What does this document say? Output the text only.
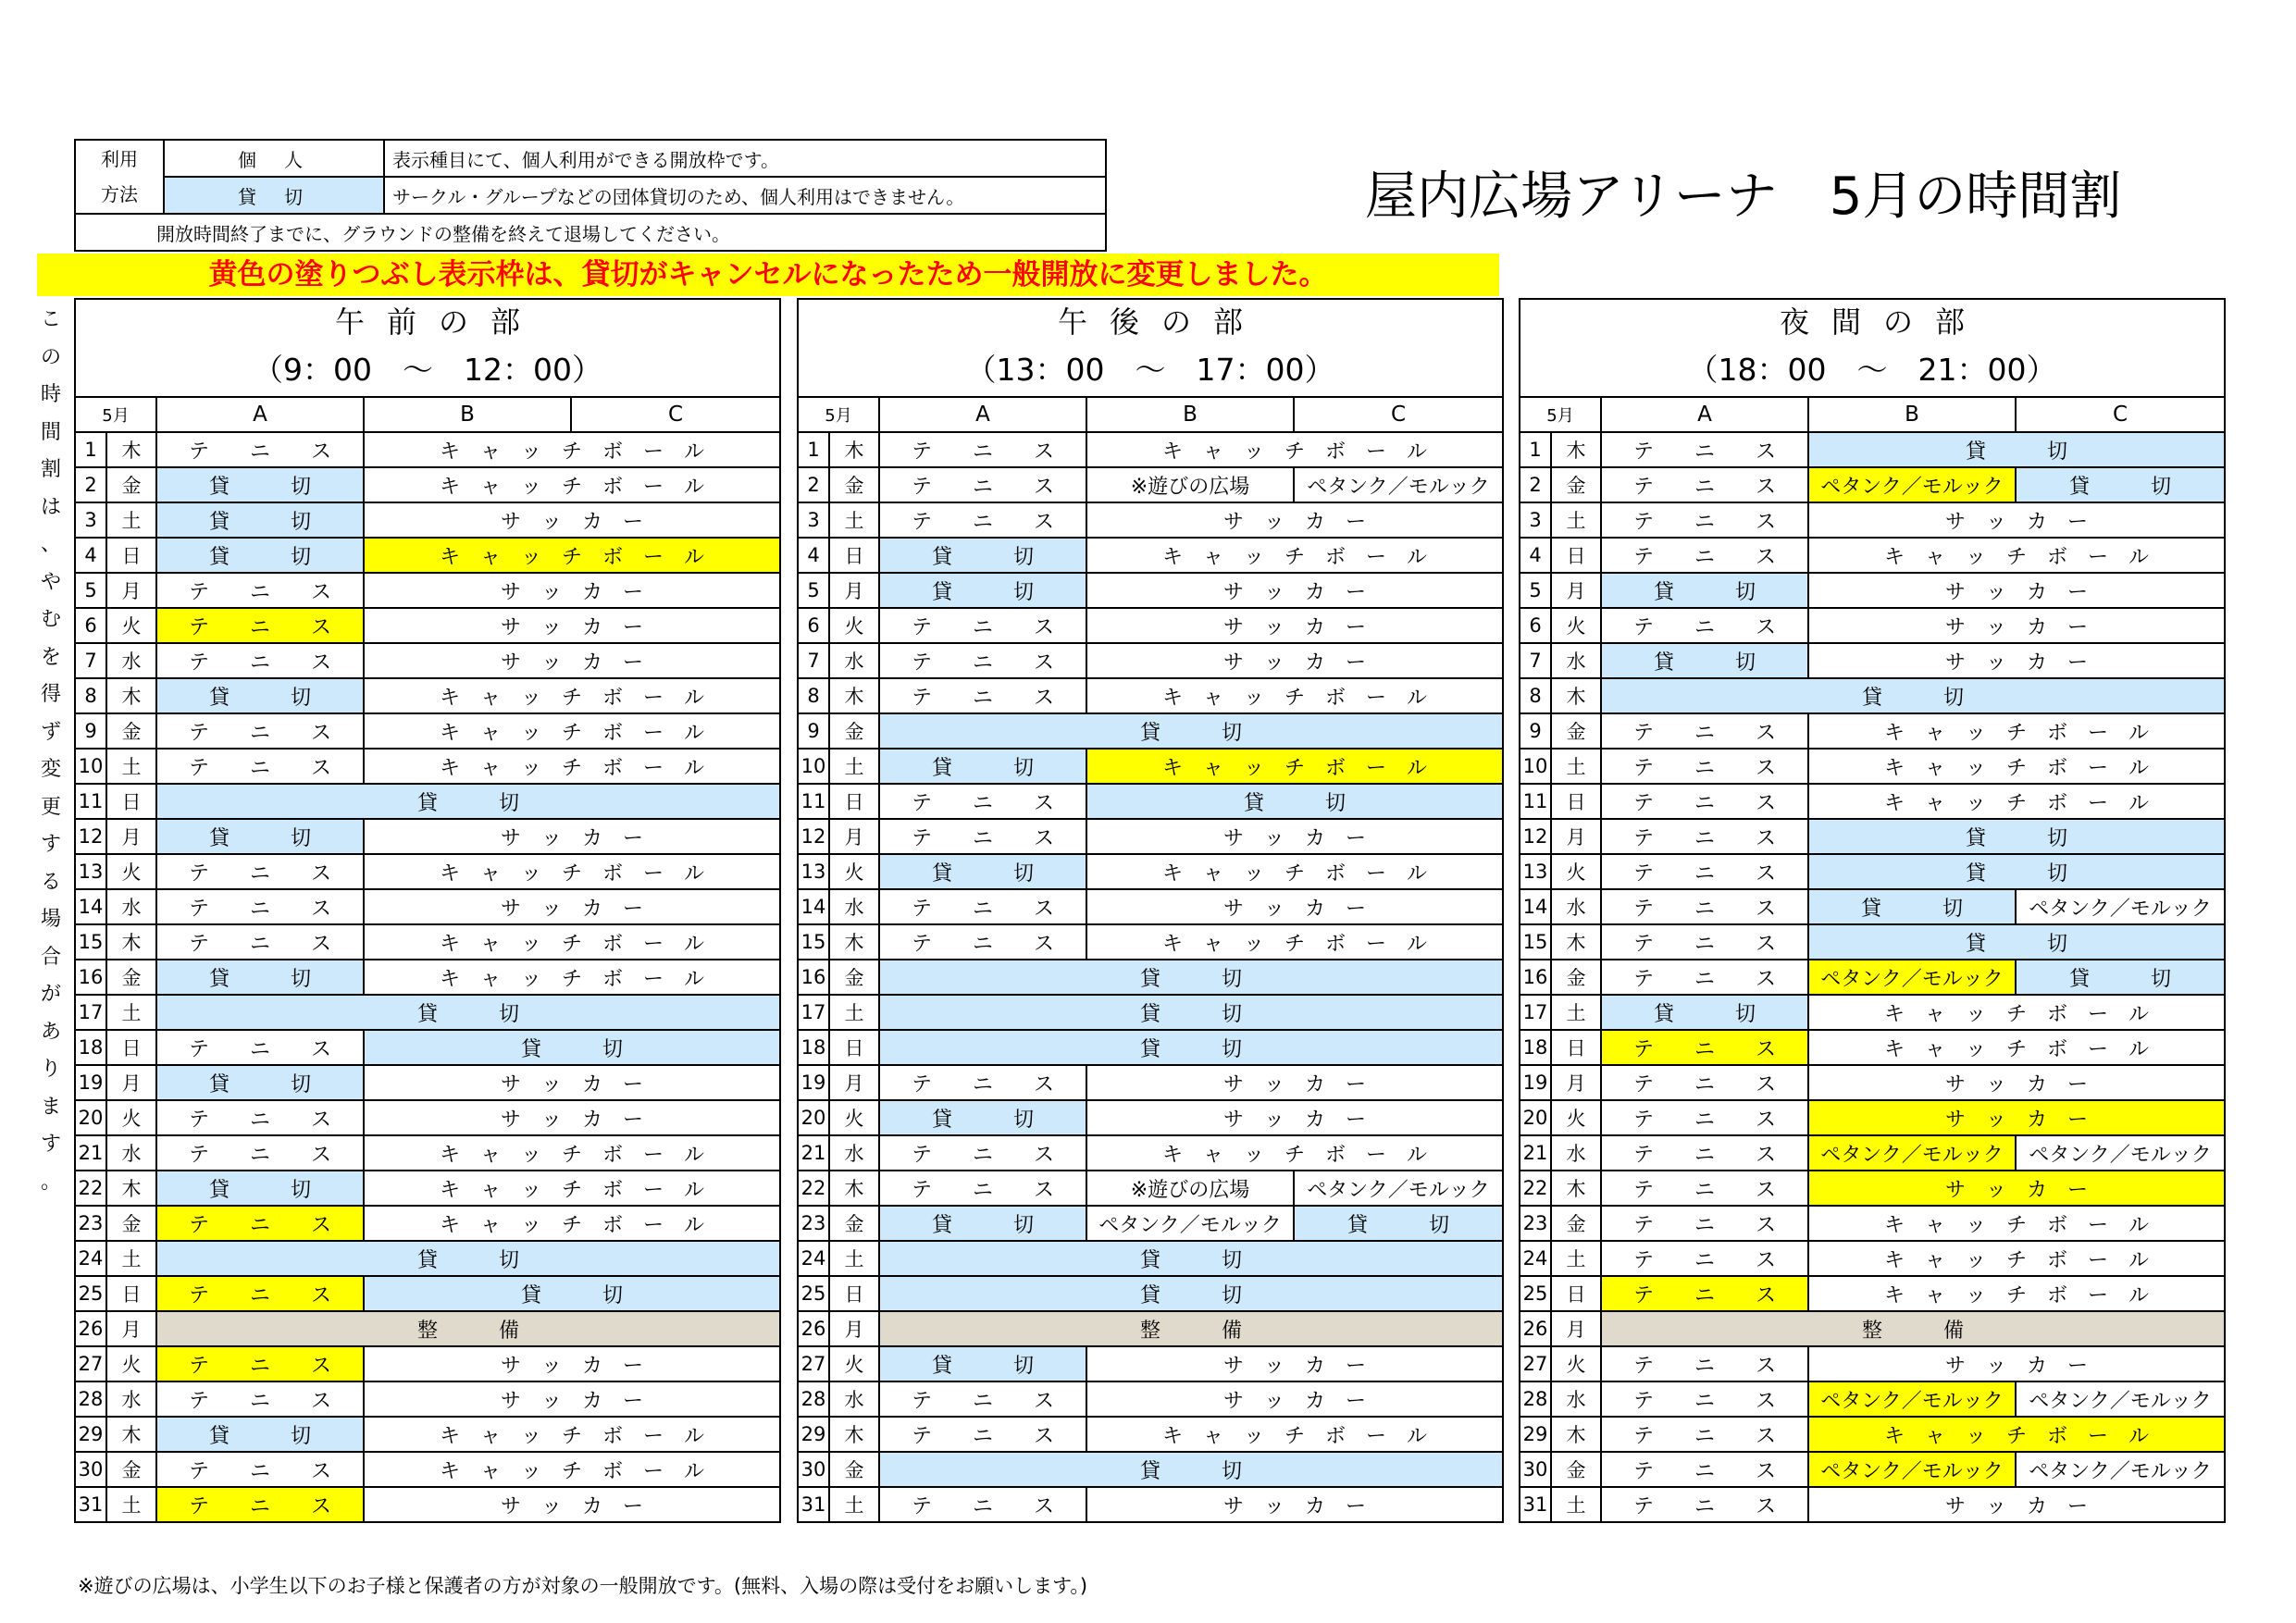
利用
方法	個人	表示種目にて、個人利用ができる開放枠です。
	貸切	サークル・グループなどの団体貸切のため、個人利用はできません。
開放時間終了までに、グラウンドの整備を終えて退場してください。		
屋内広場アリーナ　5月の時間割
黄色の塗りつぶし表示枠は、貸切がキャンセルになったため一般開放に変更しました。
こ
の
時
間
割
は
、
や
む
を
得
ず
変
更
す
る
場
合
が
あ
り
ま
す
。
午前の部
（9：00　～　12：00）				

5月		A	B	C
1	木	テ　　ニ　　ス	キ　ャ　ッ　チ　ボ　ー　ル	
2	金	貸　　　切	キ　ャ　ッ　チ　ボ　ー　ル	
3	土	貸　　　切	サ　ッ　カ　ー	
4	日	貸　　　切	キ　ャ　ッ　チ　ボ　ー　ル	
5	月	テ　　ニ　　ス	サ　ッ　カ　ー	
6	火	テ　　ニ　　ス	サ　ッ　カ　ー	
7	水	テ　　ニ　　ス	サ　ッ　カ　ー	
8	木	貸　　　切	キ　ャ　ッ　チ　ボ　ー　ル	
9	金	テ　　ニ　　ス	キ　ャ　ッ　チ　ボ　ー　ル	
10	土	テ　　ニ　　ス	キ　ャ　ッ　チ　ボ　ー　ル	
11	日	貸　　　切		
12	月	貸　　　切	サ　ッ　カ　ー	
13	火	テ　　ニ　　ス	キ　ャ　ッ　チ　ボ　ー　ル	
14	水	テ　　ニ　　ス	サ　ッ　カ　ー	
15	木	テ　　ニ　　ス	キ　ャ　ッ　チ　ボ　ー　ル	
16	金	貸　　　切	キ　ャ　ッ　チ　ボ　ー　ル	
17	土	貸　　　切		
18	日	テ　　ニ　　ス	貸　　　切	
19	月	貸　　　切	サ　ッ　カ　ー	
20	火	テ　　ニ　　ス	サ　ッ　カ　ー	
21	水	テ　　ニ　　ス	キ　ャ　ッ　チ　ボ　ー　ル	
22	木	貸　　　切	キ　ャ　ッ　チ　ボ　ー　ル	
23	金	テ　　ニ　　ス	キ　ャ　ッ　チ　ボ　ー　ル	
24	土	貸　　　切		
25	日	テ　　ニ　　ス	貸　　　切	
26	月	整　　　備		
27	火	テ　　ニ　　ス	サ　ッ　カ　ー	
28	水	テ　　ニ　　ス	サ　ッ　カ　ー	
29	木	貸　　　切	キ　ャ　ッ　チ　ボ　ー　ル	
30	金	テ　　ニ　　ス	キ　ャ　ッ　チ　ボ　ー　ル	
31	土	テ　　ニ　　ス	サ　ッ　カ　ー	
午後の部
（13：00　～　17：00）				

5月		A	B	C
1	木	テ　　ニ　　ス	キ　ャ　ッ　チ　ボ　ー　ル	
2	金	テ　　ニ　　ス	※遊びの広場	ペタンク／モルック
3	土	テ　　ニ　　ス	サ　ッ　カ　ー	
4	日	貸　　　切	キ　ャ　ッ　チ　ボ　ー　ル	
5	月	貸　　　切	サ　ッ　カ　ー	
6	火	テ　　ニ　　ス	サ　ッ　カ　ー	
7	水	テ　　ニ　　ス	サ　ッ　カ　ー	
8	木	テ　　ニ　　ス	キ　ャ　ッ　チ　ボ　ー　ル	
9	金	貸　　　切		
10	土	貸　　　切	キ　ャ　ッ　チ　ボ　ー　ル	
11	日	テ　　ニ　　ス	貸　　　切	
12	月	テ　　ニ　　ス	サ　ッ　カ　ー	
13	火	貸　　　切	キ　ャ　ッ　チ　ボ　ー　ル	
14	水	テ　　ニ　　ス	サ　ッ　カ　ー	
15	木	テ　　ニ　　ス	キ　ャ　ッ　チ　ボ　ー　ル	
16	金	貸　　　切		
17	土	貸　　　切		
18	日	貸　　　切		
19	月	テ　　ニ　　ス	サ　ッ　カ　ー	
20	火	貸　　　切	サ　ッ　カ　ー	
21	水	テ　　ニ　　ス	キ　ャ　ッ　チ　ボ　ー　ル	
22	木	テ　　ニ　　ス	※遊びの広場	ペタンク／モルック
23	金	貸　　　切	ペタンク／モルック	貸　　　切
24	土	貸　　　切		
25	日	貸　　　切		
26	月	整　　　備		
27	火	貸　　　切	サ　ッ　カ　ー	
28	水	テ　　ニ　　ス	サ　ッ　カ　ー	
29	木	テ　　ニ　　ス	キ　ャ　ッ　チ　ボ　ー　ル	
30	金	貸　　　切		
31	土	テ　　ニ　　ス	サ　ッ　カ　ー	
夜間の部
（18：00　～　21：00）				

5月		A	B	C
1	木	テ　　ニ　　ス	貸　　　切	
2	金	テ　　ニ　　ス	ペタンク／モルック	貸　　　切
3	土	テ　　ニ　　ス	サ　ッ　カ　ー	
4	日	テ　　ニ　　ス	キ　ャ　ッ　チ　ボ　ー　ル	
5	月	貸　　　切	サ　ッ　カ　ー	
6	火	テ　　ニ　　ス	サ　ッ　カ　ー	
7	水	貸　　　切	サ　ッ　カ　ー	
8	木	貸　　　切		
9	金	テ　　ニ　　ス	キ　ャ　ッ　チ　ボ　ー　ル	
10	土	テ　　ニ　　ス	キ　ャ　ッ　チ　ボ　ー　ル	
11	日	テ　　ニ　　ス	キ　ャ　ッ　チ　ボ　ー　ル	
12	月	テ　　ニ　　ス	貸　　　切	
13	火	テ　　ニ　　ス	貸　　　切	
14	水	テ　　ニ　　ス	貸　　　切	ペタンク／モルック
15	木	テ　　ニ　　ス	貸　　　切	
16	金	テ　　ニ　　ス	ペタンク／モルック	貸　　　切
17	土	貸　　　切	キ　ャ　ッ　チ　ボ　ー　ル	
18	日	テ　　ニ　　ス	キ　ャ　ッ　チ　ボ　ー　ル	
19	月	テ　　ニ　　ス	サ　ッ　カ　ー	
20	火	テ　　ニ　　ス	サ　ッ　カ　ー	
21	水	テ　　ニ　　ス	ペタンク／モルック	ペタンク／モルック
22	木	テ　　ニ　　ス	サ　ッ　カ　ー	
23	金	テ　　ニ　　ス	キ　ャ　ッ　チ　ボ　ー　ル	
24	土	テ　　ニ　　ス	キ　ャ　ッ　チ　ボ　ー　ル	
25	日	テ　　ニ　　ス	キ　ャ　ッ　チ　ボ　ー　ル	
26	月	整　　　備		
27	火	テ　　ニ　　ス	サ　ッ　カ　ー	
28	水	テ　　ニ　　ス	ペタンク／モルック	ペタンク／モルック
29	木	テ　　ニ　　ス	キ　ャ　ッ　チ　ボ　ー　ル	
30	金	テ　　ニ　　ス	ペタンク／モルック	ペタンク／モルック
31	土	テ　　ニ　　ス	サ　ッ　カ　ー	
※遊びの広場は、小学生以下のお子様と保護者の方が対象の一般開放です。(無料、入場の際は受付をお願いします。)
